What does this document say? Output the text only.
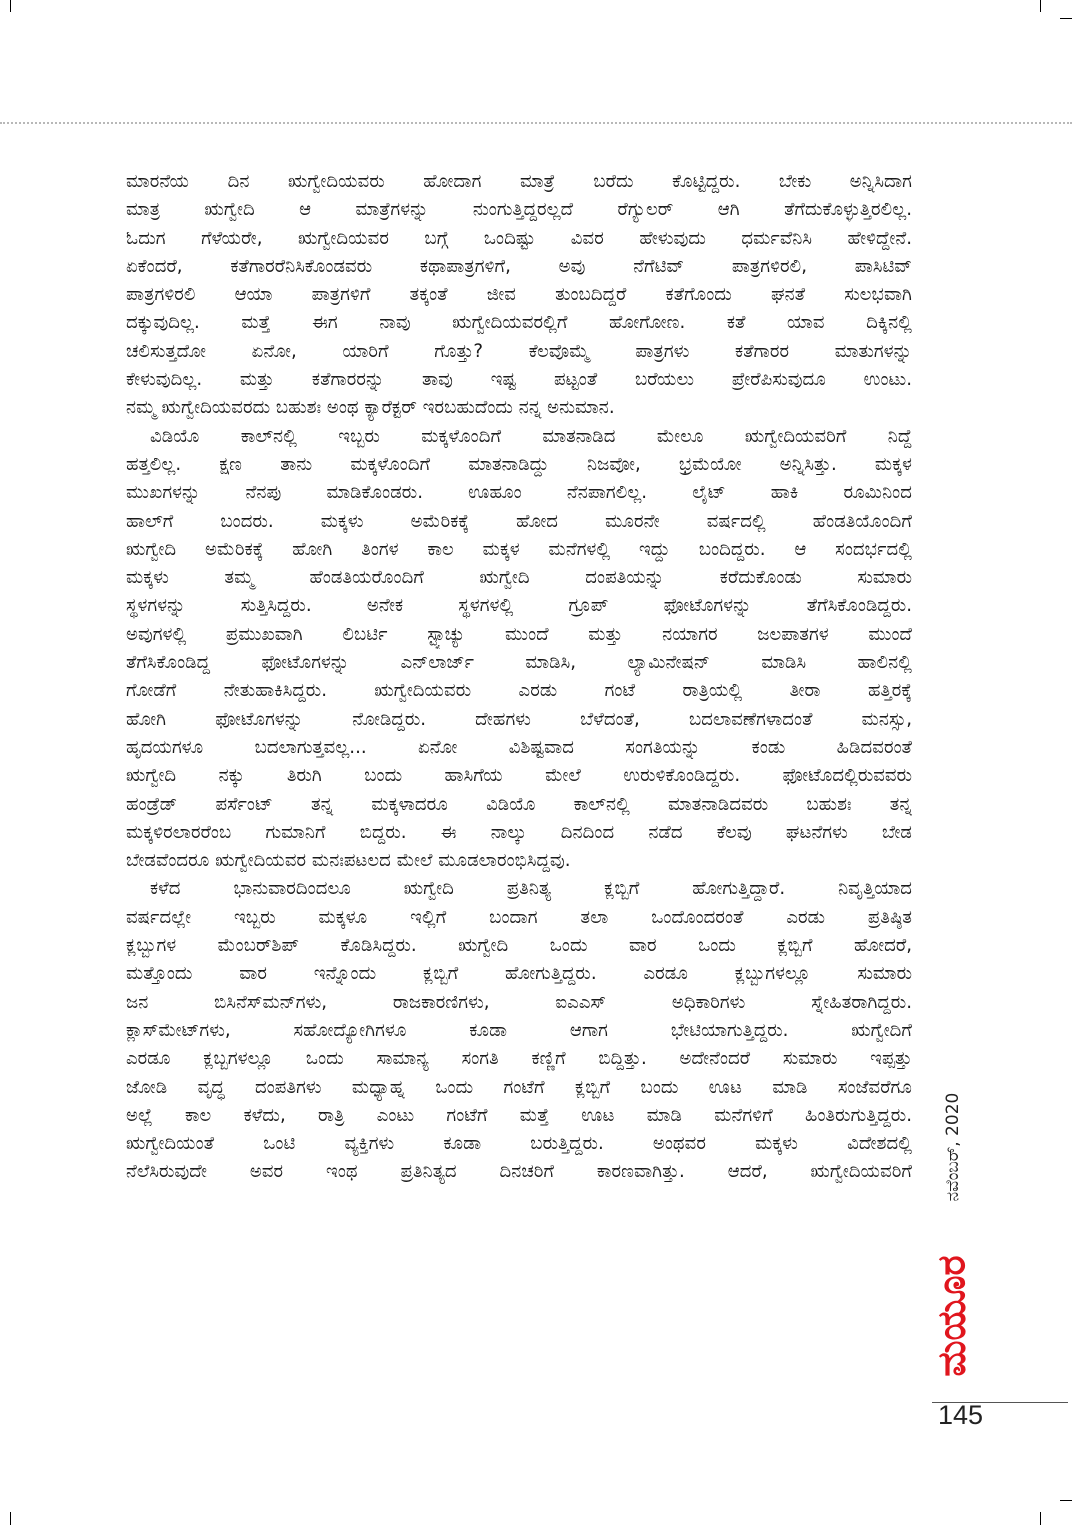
ಮಾರನೆಯ ದಿನ ಋಗ್ವೇದಿಯವರು ಹೋದಾಗ ಮಾತ್ರೆ ಬರೆದು ಕೊಟ್ಟಿದ್ದರು. ಬೇಕು ಅನ್ನಿಸಿದಾಗ

ಮಾತ್ರ ಋಗ್ವೇದಿ ಆ ಮಾತ್ರೆಗಳನ್ನು ನುಂಗುತ್ತಿದ್ದರಲ್ಲದೆ ರೆಗ್ಯುಲರ್ ಆಗಿ ತೆಗೆದುಕೊಳ್ಳುತ್ತಿರಲಿಲ್ಲ.

ಓದುಗ ಗೆಳೆಯರೇ, ಋಗ್ವೇದಿಯವರ ಬಗ್ಗೆ ಒಂದಿಷ್ಟು ವಿವರ ಹೇಳುವುದು ಧರ್ಮವೆನಿಸಿ ಹೇಳಿದ್ದೇನೆ.

ಏಕೆಂದರೆ, ಕತೆಗಾರರೆನಿಸಿಕೊಂಡವರು ಕಥಾಪಾತ್ರಗಳಿಗೆ, ಅವು ನೆಗೆಟಿವ್ ಪಾತ್ರಗಳಿರಲಿ, ಪಾಸಿಟಿವ್

ಪಾತ್ರಗಳಿರಲಿ ಆಯಾ ಪಾತ್ರಗಳಿಗೆ ತಕ್ಕಂತೆ ಜೀವ ತುಂಬದಿದ್ದರೆ ಕತೆಗೊಂದು ಘನತೆ ಸುಲಭವಾಗಿ

ದಕ್ಕುವುದಿಲ್ಲ. ಮತ್ತೆ ಈಗ ನಾವು ಋಗ್ವೇದಿಯವರಲ್ಲಿಗೆ ಹೋಗೋಣ. ಕತೆ ಯಾವ ದಿಕ್ಕಿನಲ್ಲಿ

ಚಲಿಸುತ್ತದೋ ಏನೋ, ಯಾರಿಗೆ ಗೊತ್ತು? ಕೆಲವೊಮ್ಮೆ ಪಾತ್ರಗಳು ಕತೆಗಾರರ ಮಾತುಗಳನ್ನು

ಕೇಳುವುದಿಲ್ಲ. ಮತ್ತು ಕತೆಗಾರರನ್ನು ತಾವು ಇಷ್ಟ ಪಟ್ಟಂತೆ ಬರೆಯಲು ಪ್ರೇರೆಪಿಸುವುದೂ ಉಂಟು.

ನಮ್ಮ ಋಗ್ವೇದಿಯವರದು ಬಹುಶಃ ಅಂಥ ಕ್ಯಾರೆಕ್ಟರ್ ಇರಬಹುದೆಂದು ನನ್ನ ಅನುಮಾನ.

ವಿಡಿಯೊ ಕಾಲ್‌ನಲ್ಲಿ ಇಬ್ಬರು ಮಕ್ಕಳೊಂದಿಗೆ ಮಾತನಾಡಿದ ಮೇಲೂ ಋಗ್ವೇದಿಯವರಿಗೆ ನಿದ್ದೆ

ಹತ್ತಲಿಲ್ಲ. ಕ್ಷಣ ತಾನು ಮಕ್ಕಳೊಂದಿಗೆ ಮಾತನಾಡಿದ್ದು ನಿಜವೋ, ಭ್ರಮೆಯೋ ಅನ್ನಿಸಿತ್ತು. ಮಕ್ಕಳ

ಮುಖಗಳನ್ನು ನೆನಪು ಮಾಡಿಕೊಂಡರು. ಊಹೂಂ ನೆನಪಾಗಲಿಲ್ಲ. ಲೈಟ್ ಹಾಕಿ ರೂಮಿನಿಂದ

ಹಾಲ್‌ಗೆ ಬಂದರು. ಮಕ್ಕಳು ಅಮೆರಿಕಕ್ಕೆ ಹೋದ ಮೂರನೇ ವರ್ಷದಲ್ಲಿ ಹೆಂಡತಿಯೊಂದಿಗೆ

ಋಗ್ವೇದಿ ಅಮೆರಿಕಕ್ಕೆ ಹೋಗಿ ತಿಂಗಳ ಕಾಲ ಮಕ್ಕಳ ಮನೆಗಳಲ್ಲಿ ಇದ್ದು ಬಂದಿದ್ದರು. ಆ ಸಂದರ್ಭದಲ್ಲಿ

ಮಕ್ಕಳು ತಮ್ಮ ಹೆಂಡತಿಯರೊಂದಿಗೆ ಋಗ್ವೇದಿ ದಂಪತಿಯನ್ನು ಕರೆದುಕೊಂಡು ಸುಮಾರು

ಸ್ಥಳಗಳನ್ನು ಸುತ್ತಿಸಿದ್ದರು. ಅನೇಕ ಸ್ಥಳಗಳಲ್ಲಿ ಗ್ರೂಪ್ ಫೋಟೊಗಳನ್ನು ತೆಗೆಸಿಕೊಂಡಿದ್ದರು.

ಅವುಗಳಲ್ಲಿ ಪ್ರಮುಖವಾಗಿ ಲಿಬರ್ಟಿ ಸ್ಟ್ಯಾಚ್ಯು ಮುಂದೆ ಮತ್ತು ನಯಾಗರ ಜಲಪಾತಗಳ ಮುಂದೆ

ತೆಗೆಸಿಕೊಂಡಿದ್ದ ಫೋಟೊಗಳನ್ನು ಎನ್‌ಲಾರ್ಜ್ ಮಾಡಿಸಿ, ಲ್ಯಾಮಿನೇಷನ್ ಮಾಡಿಸಿ ಹಾಲಿನಲ್ಲಿ

ಗೋಡೆಗೆ ನೇತುಹಾಕಿಸಿದ್ದರು. ಋಗ್ವೇದಿಯವರು ಎರಡು ಗಂಟೆ ರಾತ್ರಿಯಲ್ಲಿ ತೀರಾ ಹತ್ತಿರಕ್ಕೆ

ಹೋಗಿ ಫೋಟೊಗಳನ್ನು ನೋಡಿದ್ದರು. ದೇಹಗಳು ಬೆಳೆದಂತೆ, ಬದಲಾವಣೆಗಳಾದಂತೆ ಮನಸ್ಸು,

ಹೃದಯಗಳೂ ಬದಲಾಗುತ್ತವಲ್ಲ... ಏನೋ ವಿಶಿಷ್ಟವಾದ ಸಂಗತಿಯನ್ನು ಕಂಡು ಹಿಡಿದವರಂತೆ

ಋಗ್ವೇದಿ ನಕ್ಕು ತಿರುಗಿ ಬಂದು ಹಾಸಿಗೆಯ ಮೇಲೆ ಉರುಳಿಕೊಂಡಿದ್ದರು. ಫೋಟೊದಲ್ಲಿರುವವರು

ಹಂಡ್ರೆಡ್ ಪರ್ಸೆಂಟ್ ತನ್ನ ಮಕ್ಕಳಾದರೂ ವಿಡಿಯೊ ಕಾಲ್‌ನಲ್ಲಿ ಮಾತನಾಡಿದವರು ಬಹುಶಃ ತನ್ನ

ಮಕ್ಕಳಿರಲಾರರೆಂಬ ಗುಮಾನಿಗೆ ಬಿದ್ದರು. ಈ ನಾಲ್ಕು ದಿನದಿಂದ ನಡೆದ ಕೆಲವು ಘಟನೆಗಳು ಬೇಡ

ಬೇಡವೆಂದರೂ ಋಗ್ವೇದಿಯವರ ಮನಃಪಟಲದ ಮೇಲೆ ಮೂಡಲಾರಂಭಿಸಿದ್ದವು.

ಕಳೆದ ಭಾನುವಾರದಿಂದಲೂ ಋಗ್ವೇದಿ ಪ್ರತಿನಿತ್ಯ ಕ್ಲಬ್ಬಿಗೆ ಹೋಗುತ್ತಿದ್ದಾರೆ. ನಿವೃತ್ತಿಯಾದ

ವರ್ಷದಲ್ಲೇ ಇಬ್ಬರು ಮಕ್ಕಳೂ ಇಲ್ಲಿಗೆ ಬಂದಾಗ ತಲಾ ಒಂದೊಂದರಂತೆ ಎರಡು ಪ್ರತಿಷ್ಠಿತ

ಕ್ಲಬ್ಬುಗಳ ಮೆಂಬರ್‌ಶಿಪ್ ಕೊಡಿಸಿದ್ದರು. ಋಗ್ವೇದಿ ಒಂದು ವಾರ ಒಂದು ಕ್ಲಬ್ಬಿಗೆ ಹೋದರೆ,

ಮತ್ತೊಂದು ವಾರ ಇನ್ನೊಂದು ಕ್ಲಬ್ಬಿಗೆ ಹೋಗುತ್ತಿದ್ದರು. ಎರಡೂ ಕ್ಲಬ್ಬುಗಳಲ್ಲೂ ಸುಮಾರು

ಜನ ಬಿಸಿನೆಸ್‌ಮನ್‌ಗಳು, ರಾಜಕಾರಣಿಗಳು, ಐಎಎಸ್ ಅಧಿಕಾರಿಗಳು ಸ್ನೇಹಿತರಾಗಿದ್ದರು.

ಕ್ಲಾಸ್‌ಮೇಟ್‌ಗಳು, ಸಹೋದ್ಯೋಗಿಗಳೂ ಕೂಡಾ ಆಗಾಗ ಭೇಟಿಯಾಗುತ್ತಿದ್ದರು. ಋಗ್ವೇದಿಗೆ

ಎರಡೂ ಕ್ಲಬ್ಬಗಳಲ್ಲೂ ಒಂದು ಸಾಮಾನ್ಯ ಸಂಗತಿ ಕಣ್ಣಿಗೆ ಬಿದ್ದಿತ್ತು. ಅದೇನೆಂದರೆ ಸುಮಾರು ಇಪ್ಪತ್ತು

ಜೋಡಿ ವೃದ್ಧ ದಂಪತಿಗಳು ಮಧ್ಯಾಹ್ನ ಒಂದು ಗಂಟೆಗೆ ಕ್ಲಬ್ಬಿಗೆ ಬಂದು ಊಟ ಮಾಡಿ ಸಂಜೆವರೆಗೂ

ಅಲ್ಲೆ ಕಾಲ ಕಳೆದು, ರಾತ್ರಿ ಎಂಟು ಗಂಟೆಗೆ ಮತ್ತೆ ಊಟ ಮಾಡಿ ಮನೆಗಳಿಗೆ ಹಿಂತಿರುಗುತ್ತಿದ್ದರು.

ಋಗ್ವೇದಿಯಂತೆ ಒಂಟಿ ವ್ಯಕ್ತಿಗಳು ಕೂಡಾ ಬರುತ್ತಿದ್ದರು. ಅಂಥವರ ಮಕ್ಕಳು ವಿದೇಶದಲ್ಲಿ

ನೆಲೆಸಿರುವುದೇ ಅವರ ಇಂಥ ಪ್ರತಿನಿತ್ಯದ ದಿನಚರಿಗೆ ಕಾರಣವಾಗಿತ್ತು. ಆದರೆ, ಋಗ್ವೇದಿಯವರಿಗೆ ನವೆಂಬರ್, 2020
ಮಯೂರ
145
